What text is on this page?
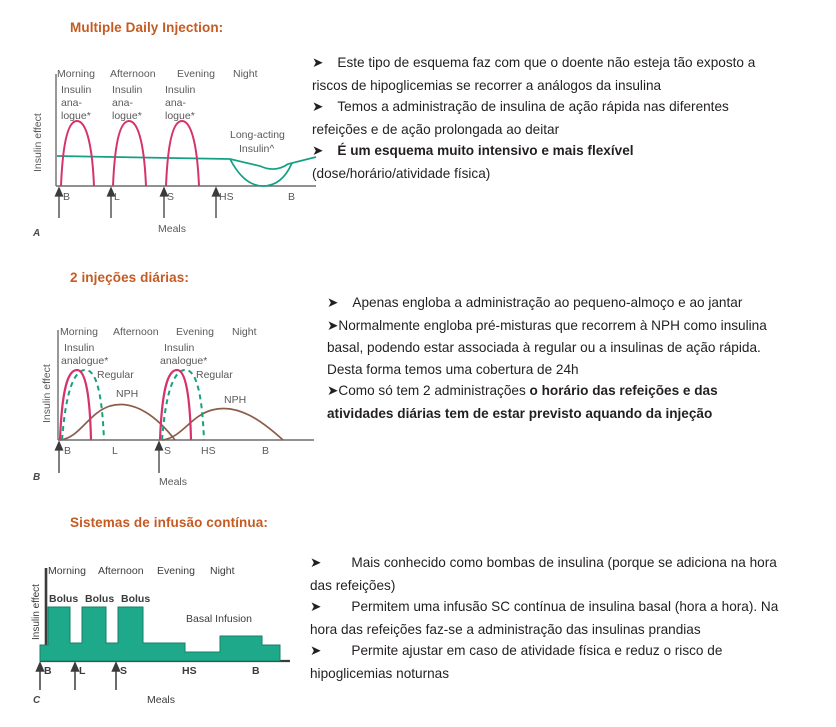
Multiple Daily Injection:
Morning Afternoon Evening Night
Insulin effect
Insulin
ana-
logue*
Insulin
ana-
logue*
Insulin
ana-
logue*
Long-acting
Insulin^
B	L	S	HS	B
Meals
A

➤ Este tipo de esquema faz com que o doente não esteja tão exposto a riscos de hipoglicemias se recorrer a análogos da insulina

➤ Temos a administração de insulina de ação rápida nas diferentes refeições e de ação prolongada ao deitar

➤ É um esquema muito intensivo e mais flexível (dose/horário/atividade física)

2 injeções diárias:
Morning Afternoon Evening Night
Insulin effect
Insulin
analogue*
Regular
NPH
Insulin
analogue*
Regular
NPH
B	L	S	HS	B
Meals
B

➤ Apenas engloba a administração ao pequeno-almoço e ao jantar

➤Normalmente engloba pré-misturas que recorrem à NPH como insulina basal, podendo estar associada à regular ou a insulinas de ação rápida. Desta forma temos uma cobertura de 24h

➤Como só tem 2 administrações o horário das refeições e das atividades diárias tem de estar previsto aquando da injeção

Sistemas de infusão contínua:
Morning Afternoon Evening Night
Insulin effect Bolus Bolus Bolus
Basal Infusion
B	L	S	HS	B
Meals
C

➤ Mais conhecido como bombas de insulina (porque se adiciona na hora das refeições)

➤ Permitem uma infusão SC contínua de insulina basal (hora a hora). Na hora das refeições faz-se a administração das insulinas prandias

➤ Permite ajustar em caso de atividade física e reduz o risco de hipoglicemias noturnas
